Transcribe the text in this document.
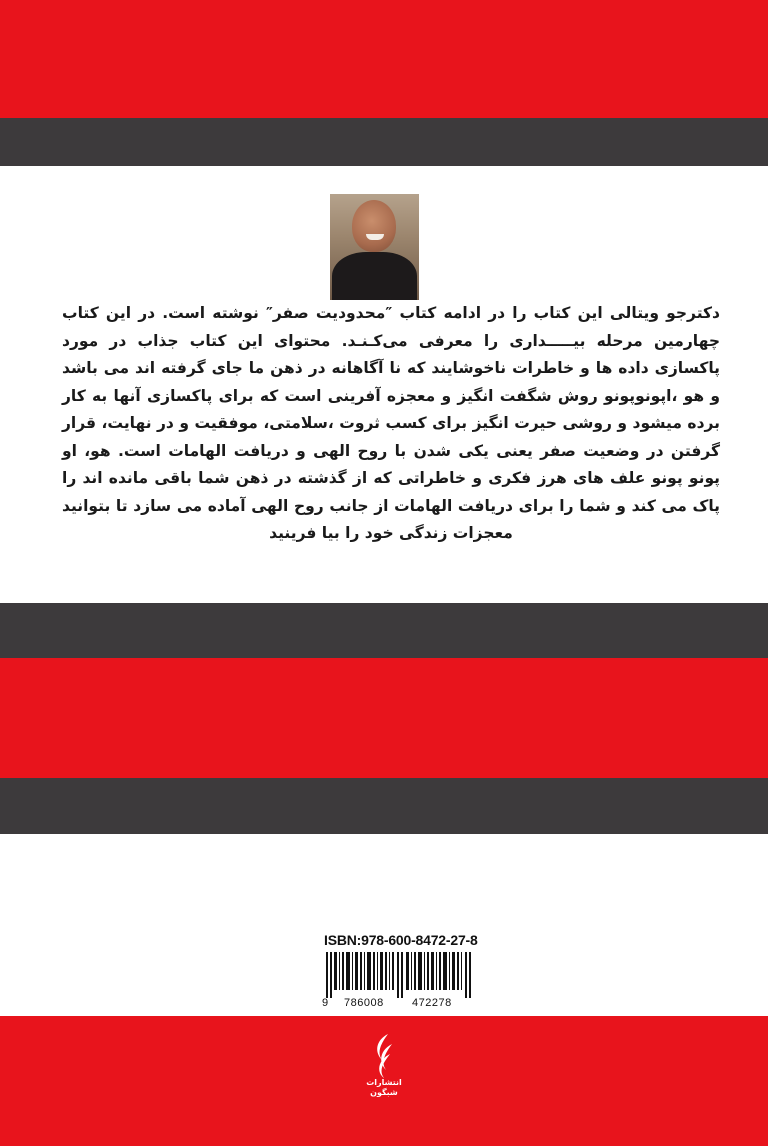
دکترجو ویتالی این کتاب را در ادامه کتاب ″محدودیت صفر″ نوشته است. در این کتاب چهارمین مرحله بیـــــداری را معرفی می‌کـنـد. محتوای این کتاب جذاب در مورد پاکسازی داده ها و خاطرات ناخوشایند که نا آگاهانه در ذهن ما جای گرفته اند می باشد و هو ،اپونوپونو روش شگفت انگیز و معجزه آفرینی است که برای پاکسازی آنها به کار برده میشود و روشی حیرت انگیز برای کسب ثروت ،سلامتی، موفقیت و در نهایت، قرار گرفتن در وضعیت صفر یعنی یکی شدن با روح الهی و دریافت الهامات است. هو، او پونو پونو علف های هرز فکری و خاطراتی که از گذشته در ذهن شما باقی مانده اند را پاک می کند و شما را برای دریافت الهامات از جانب روح الهی آماده می سازد تا بتوانید معجزات زندگی خود را بیا فرینید

ISBN:978-600-8472-27-8
9 786008	472278
انتشارات شبگون
